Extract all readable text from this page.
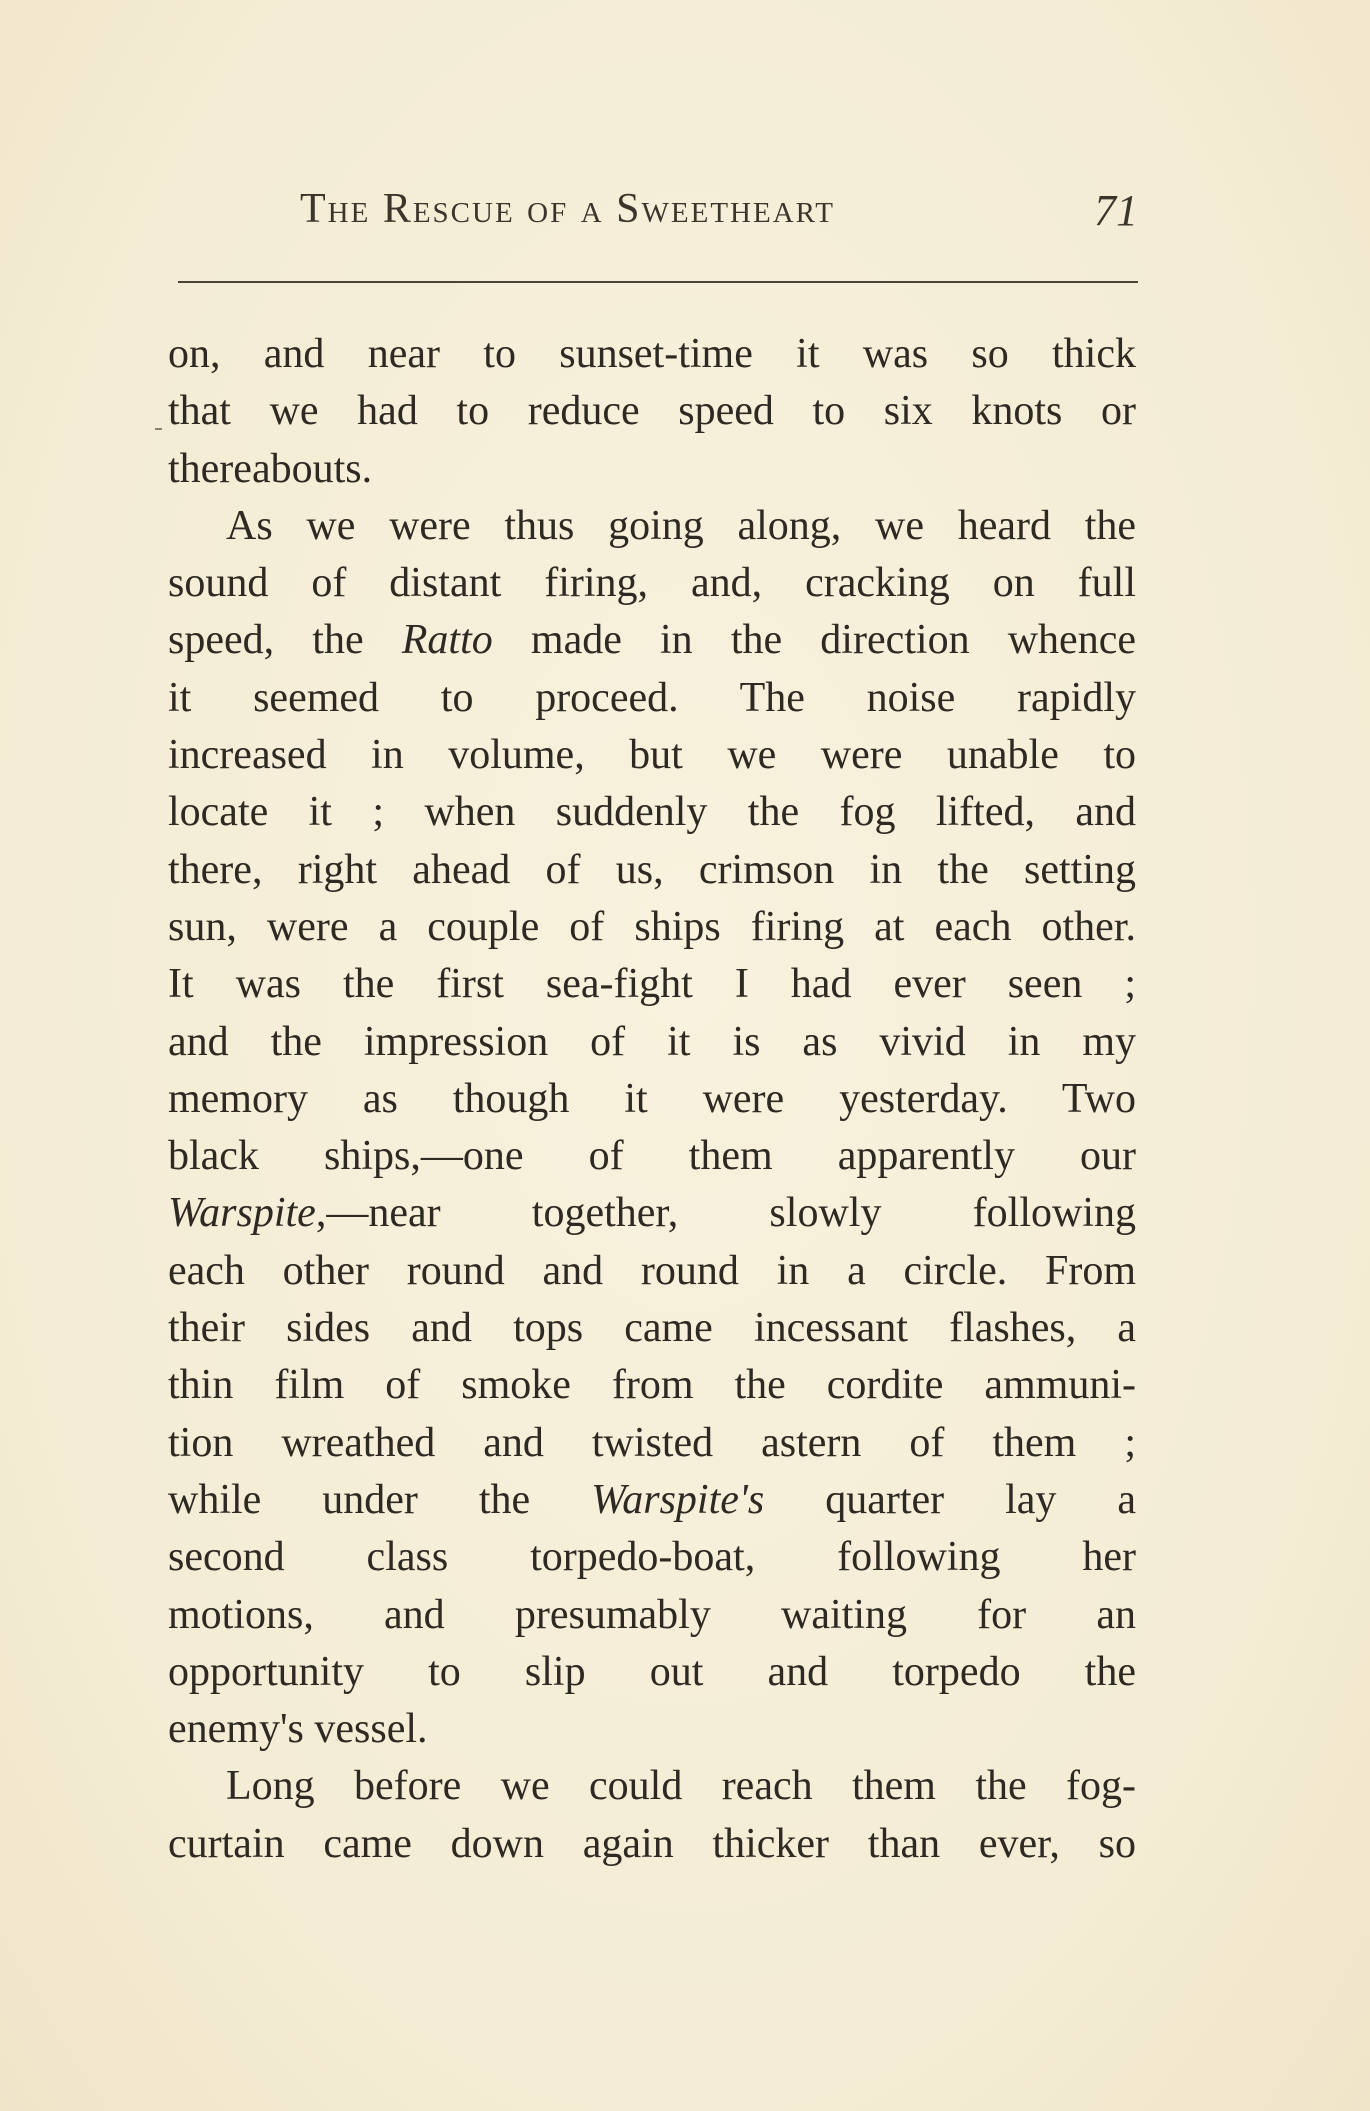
The Rescue of a Sweetheart	71
on, and near to sunset-time it was so thick
that we had to reduce speed to six knots or
thereabouts.
As we were thus going along, we heard the
sound of distant firing, and, cracking on full
speed, the Ratto made in the direction whence
it seemed to proceed. The noise rapidly
increased in volume, but we were unable to
locate it ; when suddenly the fog lifted, and
there, right ahead of us, crimson in the setting
sun, were a couple of ships firing at each other.
It was the first sea-fight I had ever seen ;
and the impression of it is as vivid in my
memory as though it were yesterday. Two
black ships,—one of them apparently our
Warspite,—near together, slowly following
each other round and round in a circle. From
their sides and tops came incessant flashes, a
thin film of smoke from the cordite ammuni-
tion wreathed and twisted astern of them ;
while under the Warspite's quarter lay a
second class torpedo-boat, following her
motions, and presumably waiting for an
opportunity to slip out and torpedo the
enemy's vessel.
Long before we could reach them the fog-
curtain came down again thicker than ever, so
